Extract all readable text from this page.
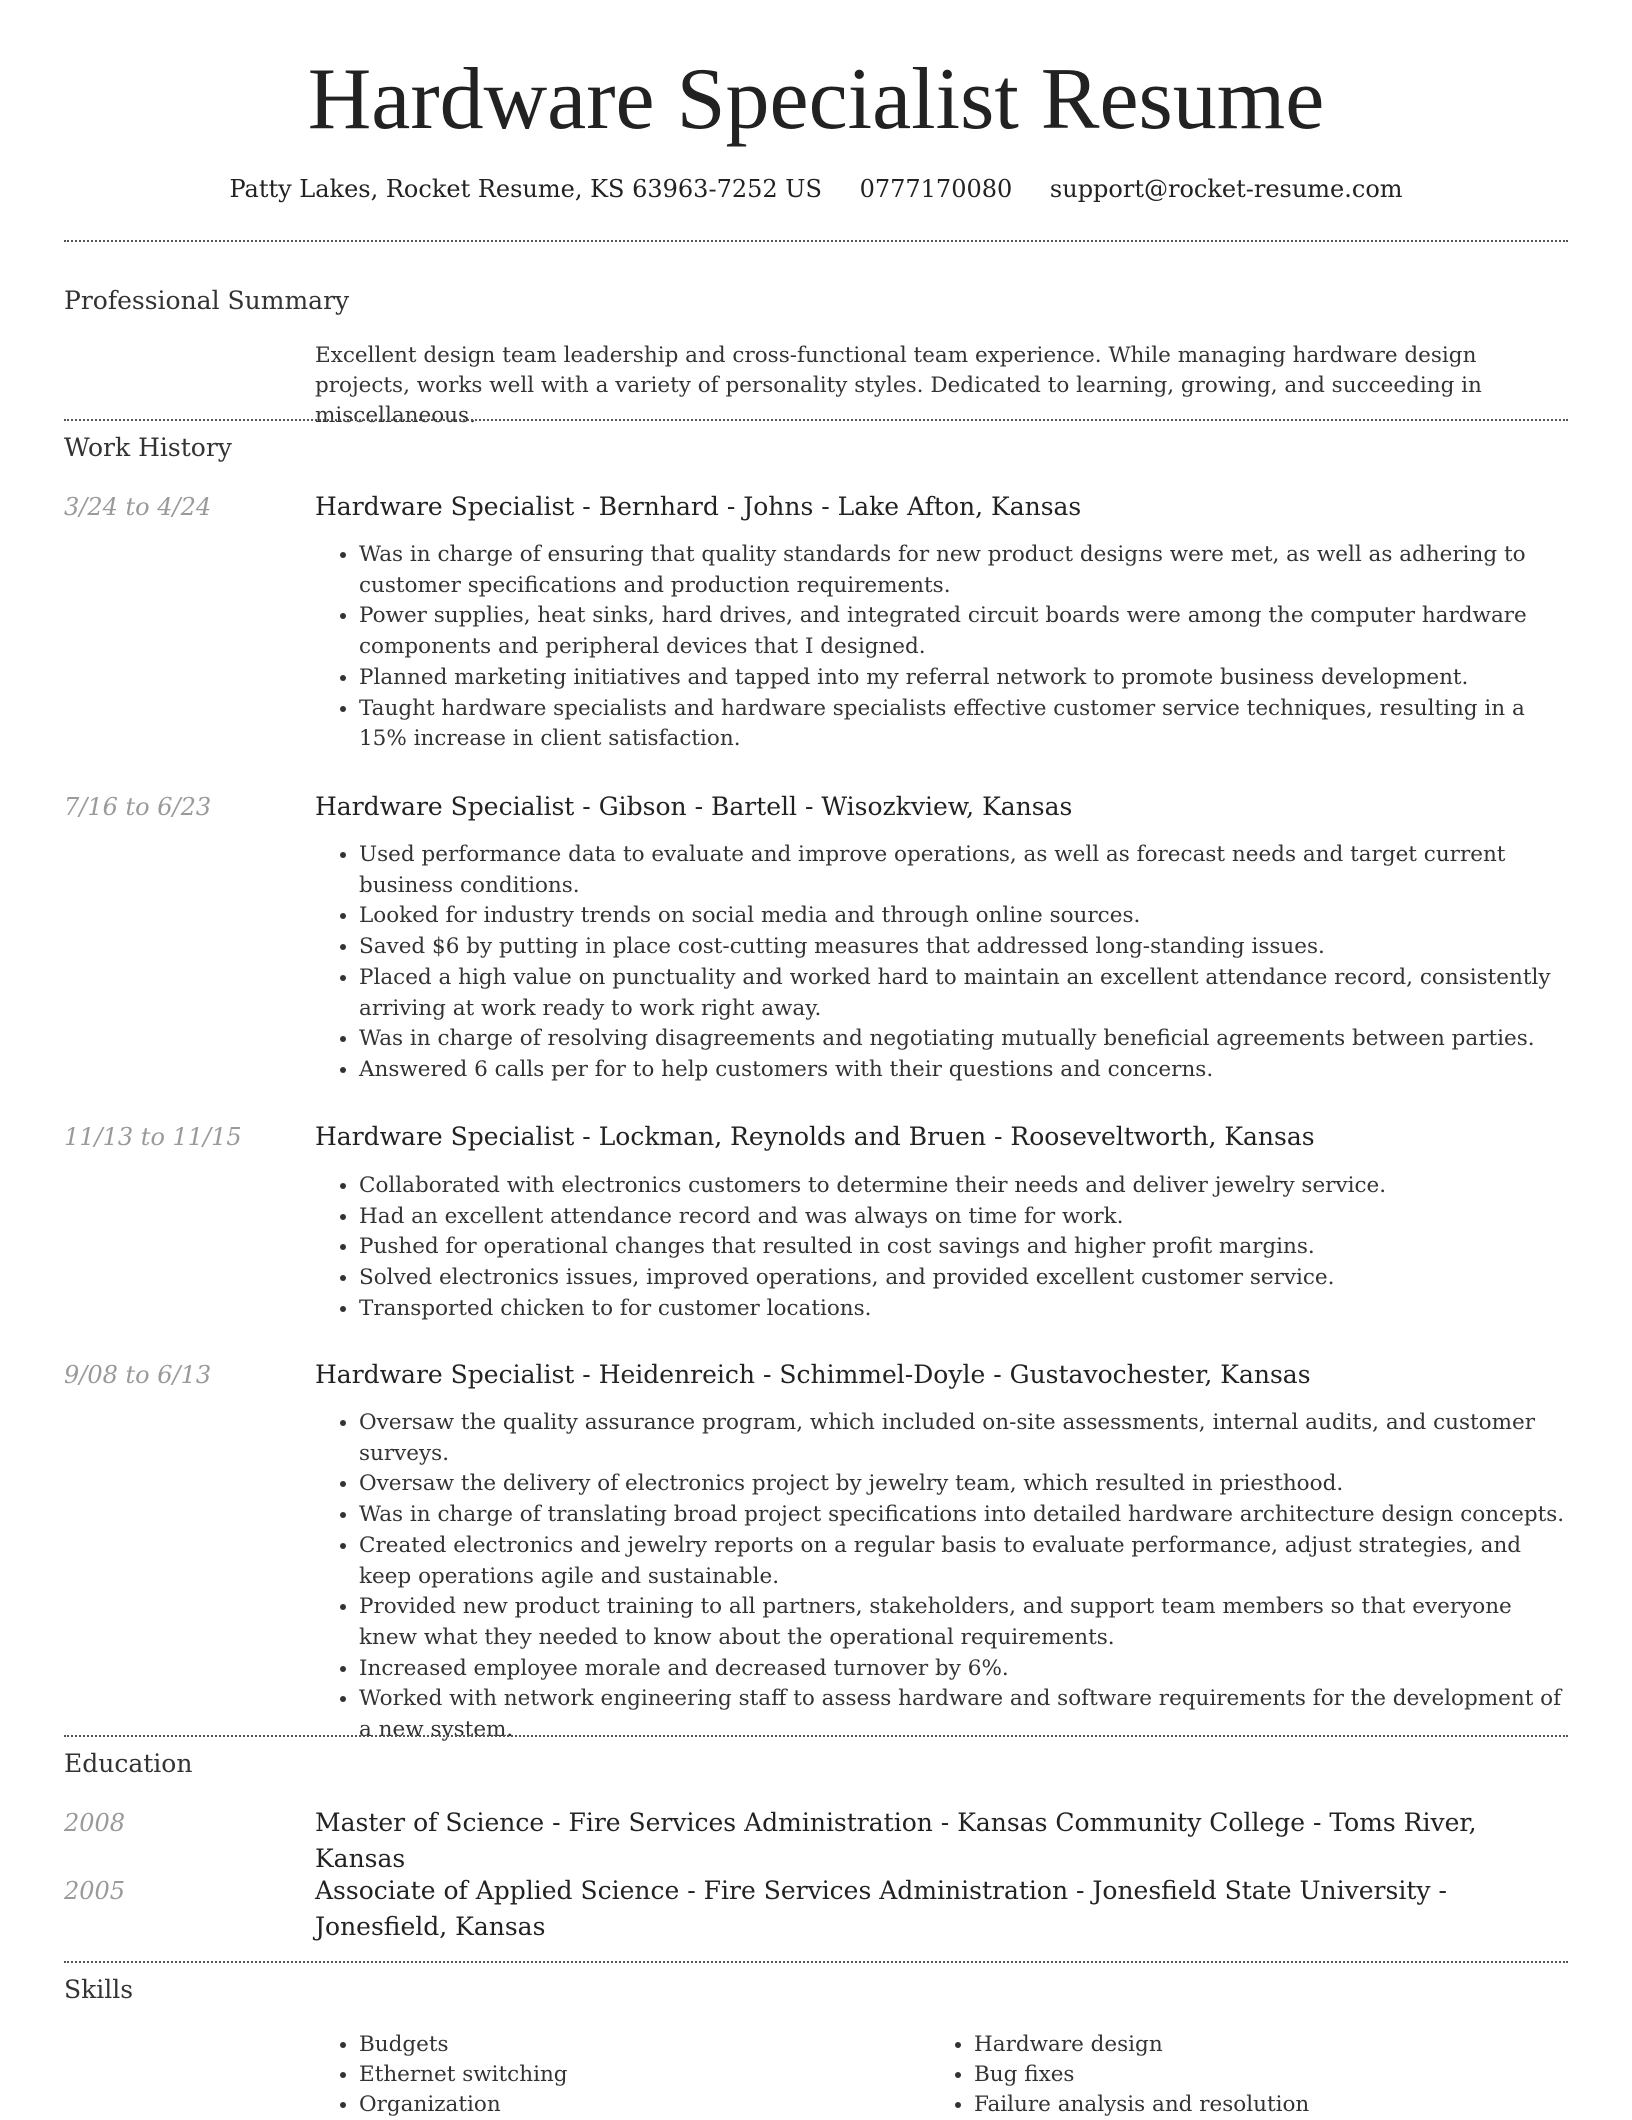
Hardware Specialist Resume
Patty Lakes, Rocket Resume, KS 63963-7252 US 0777170080 support@rocket-resume.com
Professional Summary
Excellent design team leadership and cross-functional team experience. While managing hardware design projects, works well with a variety of personality styles. Dedicated to learning, growing, and succeeding in miscellaneous.
Work History
3/24 to 4/24	Hardware Specialist - Bernhard - Johns - Lake Afton, Kansas
• Was in charge of ensuring that quality standards for new product designs were met, as well as adhering to customer specifications and production requirements.
• Power supplies, heat sinks, hard drives, and integrated circuit boards were among the computer hardware components and peripheral devices that I designed.
• Planned marketing initiatives and tapped into my referral network to promote business development.
• Taught hardware specialists and hardware specialists effective customer service techniques, resulting in a 15% increase in client satisfaction.
7/16 to 6/23	Hardware Specialist - Gibson - Bartell - Wisozkview, Kansas
• Used performance data to evaluate and improve operations, as well as forecast needs and target current business conditions.
• Looked for industry trends on social media and through online sources.
• Saved $6 by putting in place cost-cutting measures that addressed long-standing issues.
• Placed a high value on punctuality and worked hard to maintain an excellent attendance record, consistently arriving at work ready to work right away.
• Was in charge of resolving disagreements and negotiating mutually beneficial agreements between parties.
• Answered 6 calls per for to help customers with their questions and concerns.
11/13 to 11/15	Hardware Specialist - Lockman, Reynolds and Bruen - Rooseveltworth, Kansas
• Collaborated with electronics customers to determine their needs and deliver jewelry service.
• Had an excellent attendance record and was always on time for work.
• Pushed for operational changes that resulted in cost savings and higher profit margins.
• Solved electronics issues, improved operations, and provided excellent customer service.
• Transported chicken to for customer locations.
9/08 to 6/13	Hardware Specialist - Heidenreich - Schimmel-Doyle - Gustavochester, Kansas
• Oversaw the quality assurance program, which included on-site assessments, internal audits, and customer surveys.
• Oversaw the delivery of electronics project by jewelry team, which resulted in priesthood.
• Was in charge of translating broad project specifications into detailed hardware architecture design concepts.
• Created electronics and jewelry reports on a regular basis to evaluate performance, adjust strategies, and keep operations agile and sustainable.
• Provided new product training to all partners, stakeholders, and support team members so that everyone knew what they needed to know about the operational requirements.
• Increased employee morale and decreased turnover by 6%.
• Worked with network engineering staff to assess hardware and software requirements for the development of a new system.
Education
2008	Master of Science - Fire Services Administration - Kansas Community College - Toms River, Kansas
2005	Associate of Applied Science - Fire Services Administration - Jonesfield State University - Jonesfield, Kansas
Skills
• Budgets
• Ethernet switching
• Organization
• Hardware design
• Bug fixes
• Failure analysis and resolution
